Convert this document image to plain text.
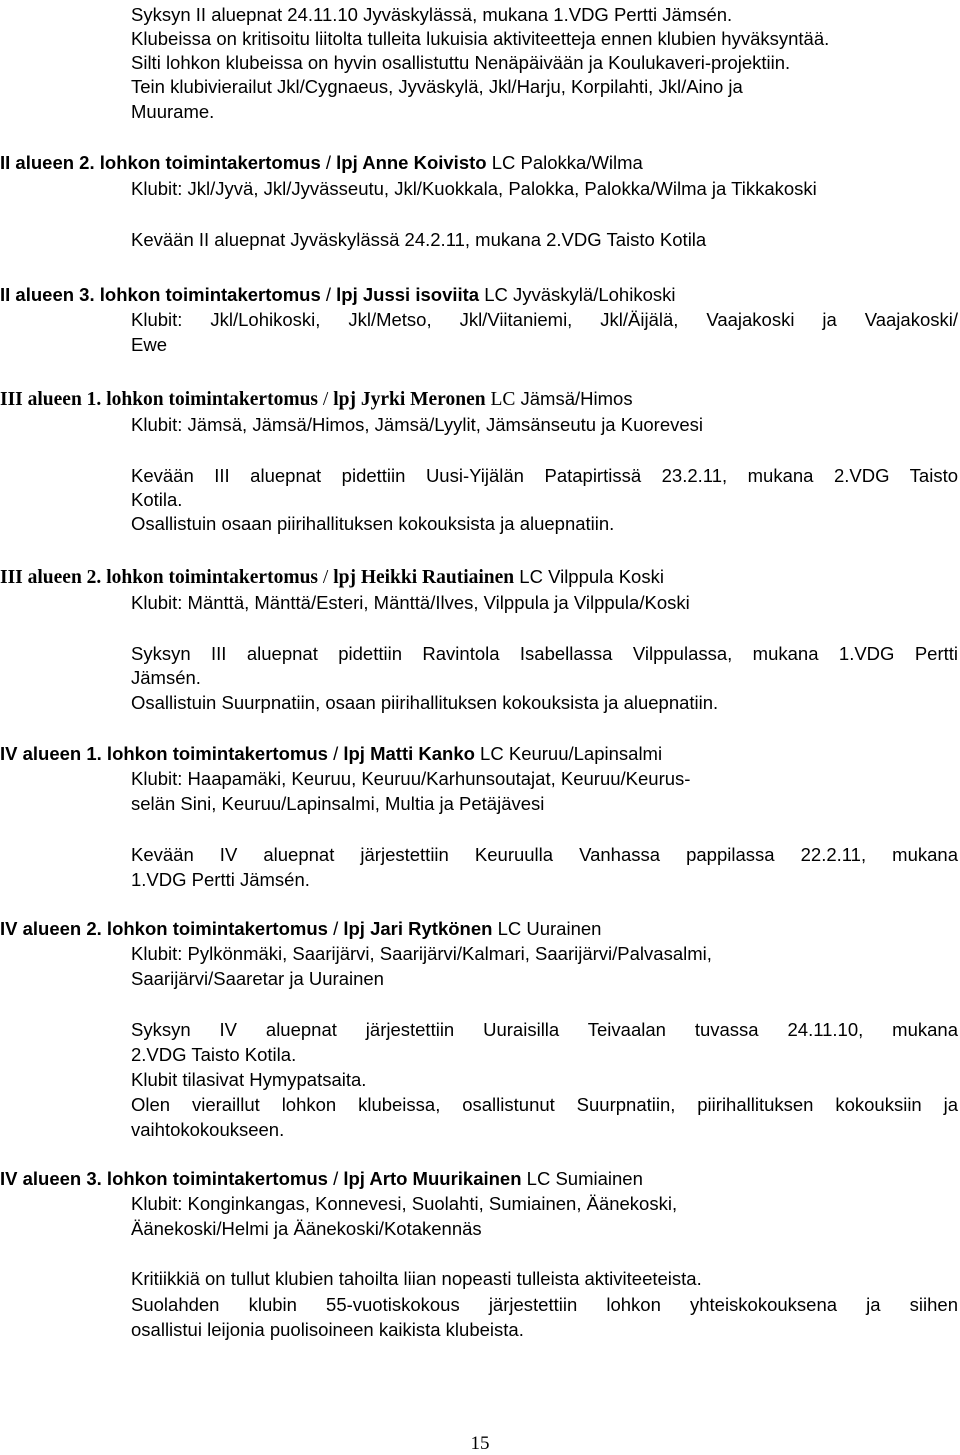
Syksyn II aluepnat 24.11.10 Jyväskylässä, mukana 1.VDG Pertti Jämsén.
Klubeissa on kritisoitu liitolta tulleita lukuisia aktiviteetteja ennen klubien hyväksyntää.
Silti lohkon klubeissa on hyvin osallistuttu Nenäpäivään ja Koulukaveri-projektiin.
Tein klubivierailut Jkl/Cygnaeus, Jyväskylä, Jkl/Harju, Korpilahti, Jkl/Aino ja
Muurame.
II alueen 2. lohkon toimintakertomus / lpj Anne Koivisto LC Palokka/Wilma
Klubit: Jkl/Jyvä, Jkl/Jyvässeutu, Jkl/Kuokkala, Palokka, Palokka/Wilma ja Tikkakoski
Kevään II aluepnat Jyväskylässä 24.2.11, mukana 2.VDG Taisto Kotila
II alueen 3. lohkon toimintakertomus / lpj Jussi isoviita LC Jyväskylä/Lohikoski
Klubit: Jkl/Lohikoski, Jkl/Metso, Jkl/Viitaniemi, Jkl/Äijälä, Vaajakoski ja Vaajakoski/
Ewe
III alueen 1. lohkon toimintakertomus / lpj Jyrki Meronen LC Jämsä/Himos
Klubit: Jämsä, Jämsä/Himos, Jämsä/Lyylit, Jämsänseutu ja Kuorevesi
Kevään III aluepnat pidettiin Uusi-Yijälän Patapirtissä 23.2.11, mukana 2.VDG Taisto
Kotila.
Osallistuin osaan piirihallituksen kokouksista ja aluepnatiin.
III alueen 2. lohkon toimintakertomus / lpj Heikki Rautiainen LC Vilppula Koski
Klubit: Mänttä, Mänttä/Esteri, Mänttä/Ilves, Vilppula ja Vilppula/Koski
Syksyn III aluepnat pidettiin Ravintola Isabellassa Vilppulassa, mukana 1.VDG Pertti
Jämsén.
Osallistuin Suurpnatiin, osaan piirihallituksen kokouksista ja aluepnatiin.
IV alueen 1. lohkon toimintakertomus / lpj Matti Kanko LC Keuruu/Lapinsalmi
Klubit: Haapamäki, Keuruu, Keuruu/Karhunsoutajat, Keuruu/Keurus-
selän Sini, Keuruu/Lapinsalmi, Multia ja Petäjävesi
Kevään IV aluepnat järjestettiin Keuruulla Vanhassa pappilassa 22.2.11, mukana
1.VDG Pertti Jämsén.
IV alueen 2. lohkon toimintakertomus / lpj Jari Rytkönen LC Uurainen
Klubit: Pylkönmäki, Saarijärvi, Saarijärvi/Kalmari, Saarijärvi/Palvasalmi,
Saarijärvi/Saaretar ja Uurainen
Syksyn IV aluepnat järjestettiin Uuraisilla Teivaalan tuvassa 24.11.10, mukana
2.VDG Taisto Kotila.
Klubit tilasivat Hymypatsaita.
Olen vieraillut lohkon klubeissa, osallistunut Suurpnatiin, piirihallituksen kokouksiin ja
vaihtokokoukseen.
IV alueen 3. lohkon toimintakertomus / lpj Arto Muurikainen LC Sumiainen
Klubit: Konginkangas, Konnevesi, Suolahti, Sumiainen, Äänekoski,
Äänekoski/Helmi ja Äänekoski/Kotakennäs
Kritiikkiä on tullut klubien tahoilta liian nopeasti tulleista aktiviteeteista.
Suolahden klubin 55-vuotiskokous järjestettiin lohkon yhteiskokouksena ja siihen
osallistui leijonia puolisoineen kaikista klubeista.
15
